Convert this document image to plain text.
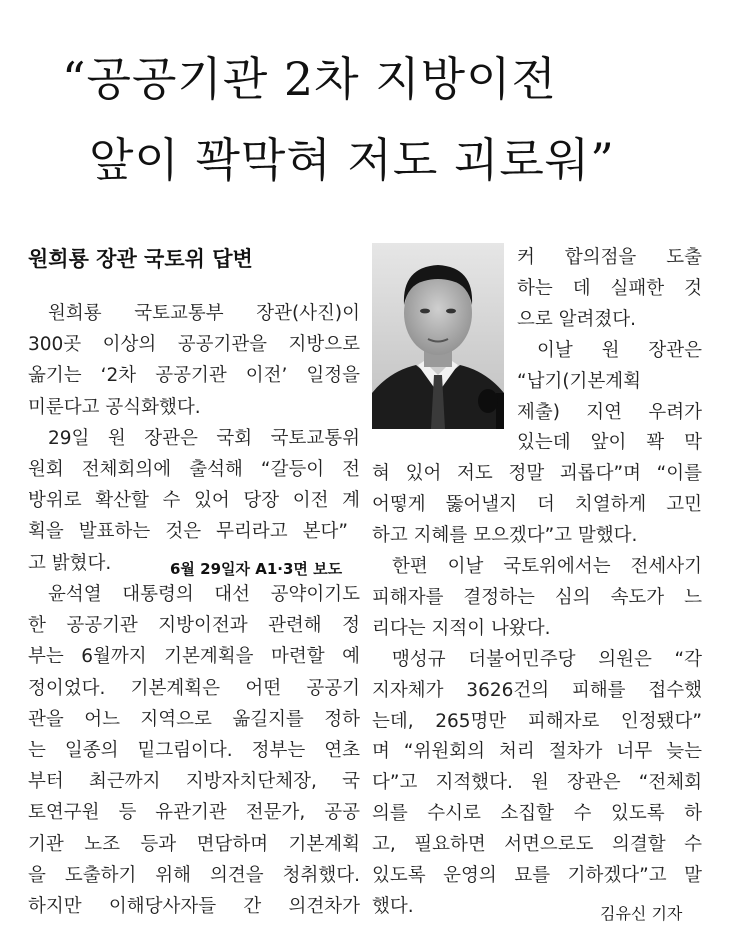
“공공기관 2차 지방이전
앞이 꽉막혀 저도 괴로워”
원희룡 장관 국토위 답변
원희룡 국토교통부 장관(사진)이
300곳 이상의 공공기관을 지방으로
옮기는 ‘2차 공공기관 이전’ 일정을
미룬다고 공식화했다.
29일 원 장관은 국회 국토교통위
원회 전체회의에 출석해 “갈등이 전
방위로 확산할 수 있어 당장 이전 계
획을 발표하는 것은 무리라고 본다”
고 밝혔다.	6월 29일자 A1·3면 보도
윤석열 대통령의 대선 공약이기도
한 공공기관 지방이전과 관련해 정
부는 6월까지 기본계획을 마련할 예
정이었다. 기본계획은 어떤 공공기
관을 어느 지역으로 옮길지를 정하
는 일종의 밑그림이다. 정부는 연초
부터 최근까지 지방자치단체장, 국
토연구원 등 유관기관 전문가, 공공
기관 노조 등과 면담하며 기본계획
을 도출하기 위해 의견을 청취했다.
하지만 이해당사자들 간 의견차가
커 합의점을 도출
하는 데 실패한 것
으로 알려졌다.
이날 원 장관은
“납기(기본계획
제출) 지연 우려가
있는데 앞이 꽉 막
혀 있어 저도 정말 괴롭다”며 “이를
어떻게 뚫어낼지 더 치열하게 고민
하고 지혜를 모으겠다”고 말했다.
한편 이날 국토위에서는 전세사기
피해자를 결정하는 심의 속도가 느
리다는 지적이 나왔다.
맹성규 더불어민주당 의원은 “각
지자체가 3626건의 피해를 접수했
는데, 265명만 피해자로 인정됐다”
며 “위원회의 처리 절차가 너무 늦는
다”고 지적했다. 원 장관은 “전체회
의를 수시로 소집할 수 있도록 하
고, 필요하면 서면으로도 의결할 수
있도록 운영의 묘를 기하겠다”고 말
했다.	김유신 기자
